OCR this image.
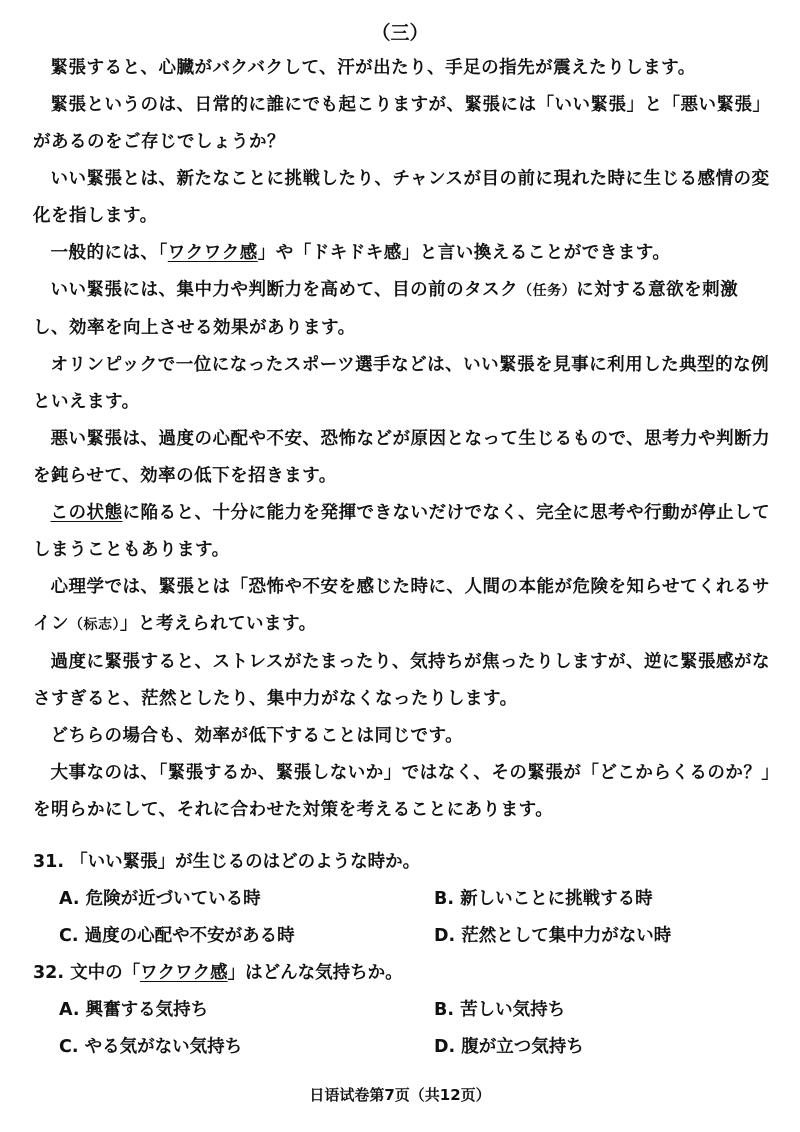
（三）

緊張すると、心臓がバクバクして、汗が出たり、手足の指先が震えたりします。

緊張というのは、日常的に誰にでも起こりますが、緊張には「いい緊張」と「悪い緊張」があるのをご存じでしょうか？

いい緊張とは、新たなことに挑戦したり、チャンスが目の前に現れた時に生じる感情の変化を指します。

一般的には、「ワクワク感」や「ドキドキ感」と言い換えることができます。

いい緊張には、集中力や判断力を高めて、目の前のタスク（任务）に対する意欲を刺激し、効率を向上させる効果があります。

オリンピックで一位になったスポーツ選手などは、いい緊張を見事に利用した典型的な例といえます。

悪い緊張は、過度の心配や不安、恐怖などが原因となって生じるもので、思考力や判断力を鈍らせて、効率の低下を招きます。

この状態に陥ると、十分に能力を発揮できないだけでなく、完全に思考や行動が停止してしまうこともあります。

心理学では、緊張とは「恐怖や不安を感じた時に、人間の本能が危険を知らせてくれるサイン（标志）」と考えられています。

過度に緊張すると、ストレスがたまったり、気持ちが焦ったりしますが、逆に緊張感がなさすぎると、茫然としたり、集中力がなくなったりします。

どちらの場合も、効率が低下することは同じです。

大事なのは、「緊張するか、緊張しないか」ではなく、その緊張が「どこからくるのか？」を明らかにして、それに合わせた対策を考えることにあります。

31. 「いい緊張」が生じるのはどのような時か。
A. 危険が近づいている時	B. 新しいことに挑戦する時
C. 過度の心配や不安がある時	D. 茫然として集中力がない時
32. 文中の「ワクワク感」はどんな気持ちか。
A. 興奮する気持ち	B. 苦しい気持ち
C. やる気がない気持ち	D. 腹が立つ気持ち
日语试卷第7页（共12页）
